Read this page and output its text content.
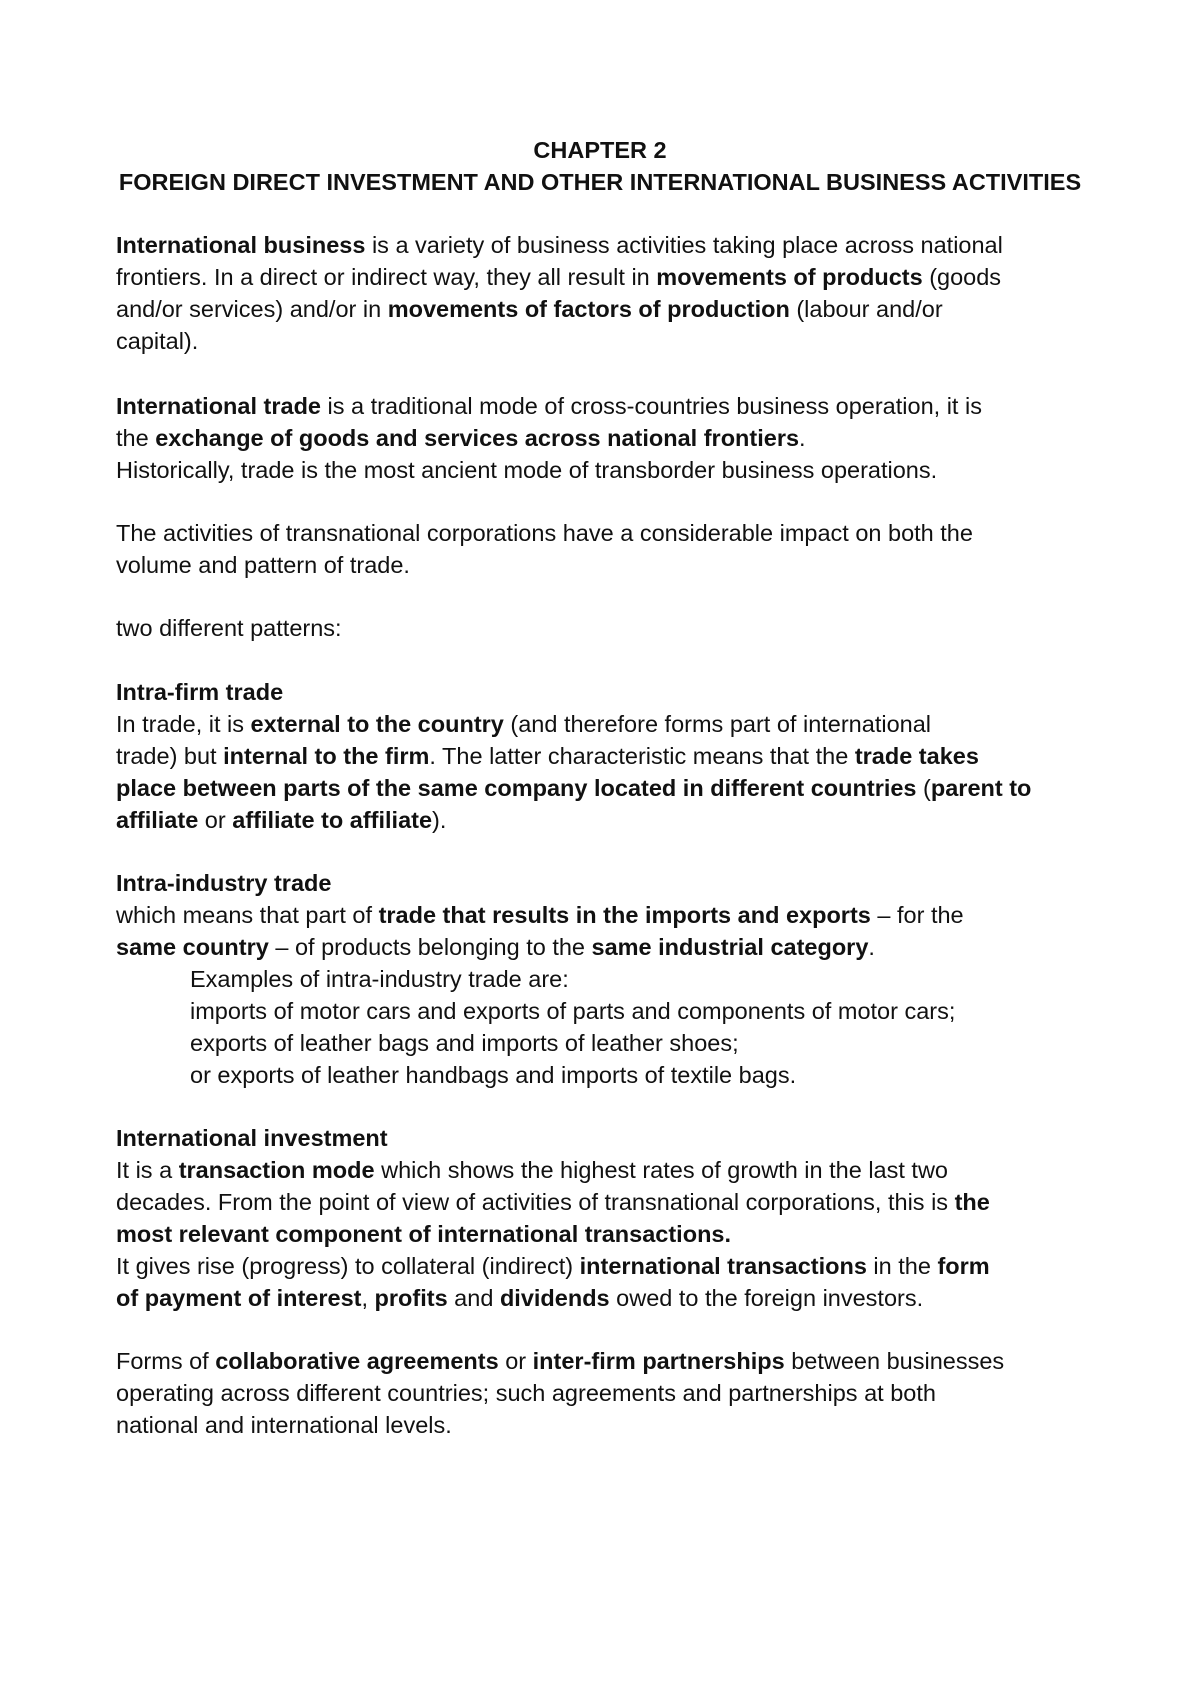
CHAPTER 2
FOREIGN DIRECT INVESTMENT AND OTHER INTERNATIONAL BUSINESS ACTIVITIES
International business is a variety of business activities taking place across national
frontiers. In a direct or indirect way, they all result in movements of products (goods
and/or services) and/or in movements of factors of production (labour and/or
capital).
International trade is a traditional mode of cross-countries business operation, it is
the exchange of goods and services across national frontiers.
Historically, trade is the most ancient mode of transborder business operations.
The activities of transnational corporations have a considerable impact on both the
volume and pattern of trade.
two different patterns:
Intra-firm trade
In trade, it is external to the country (and therefore forms part of international
trade) but internal to the firm. The latter characteristic means that the trade takes
place between parts of the same company located in different countries (parent to
affiliate or affiliate to affiliate).
Intra-industry trade
which means that part of trade that results in the imports and exports – for the
same country – of products belonging to the same industrial category.
Examples of intra-industry trade are:
imports of motor cars and exports of parts and components of motor cars;
exports of leather bags and imports of leather shoes;
or exports of leather handbags and imports of textile bags.
International investment
It is a transaction mode which shows the highest rates of growth in the last two
decades. From the point of view of activities of transnational corporations, this is the
most relevant component of international transactions.
It gives rise (progress) to collateral (indirect) international transactions in the form
of payment of interest, profits and dividends owed to the foreign investors.
Forms of collaborative agreements or inter-firm partnerships between businesses
operating across different countries; such agreements and partnerships at both
national and international levels.
